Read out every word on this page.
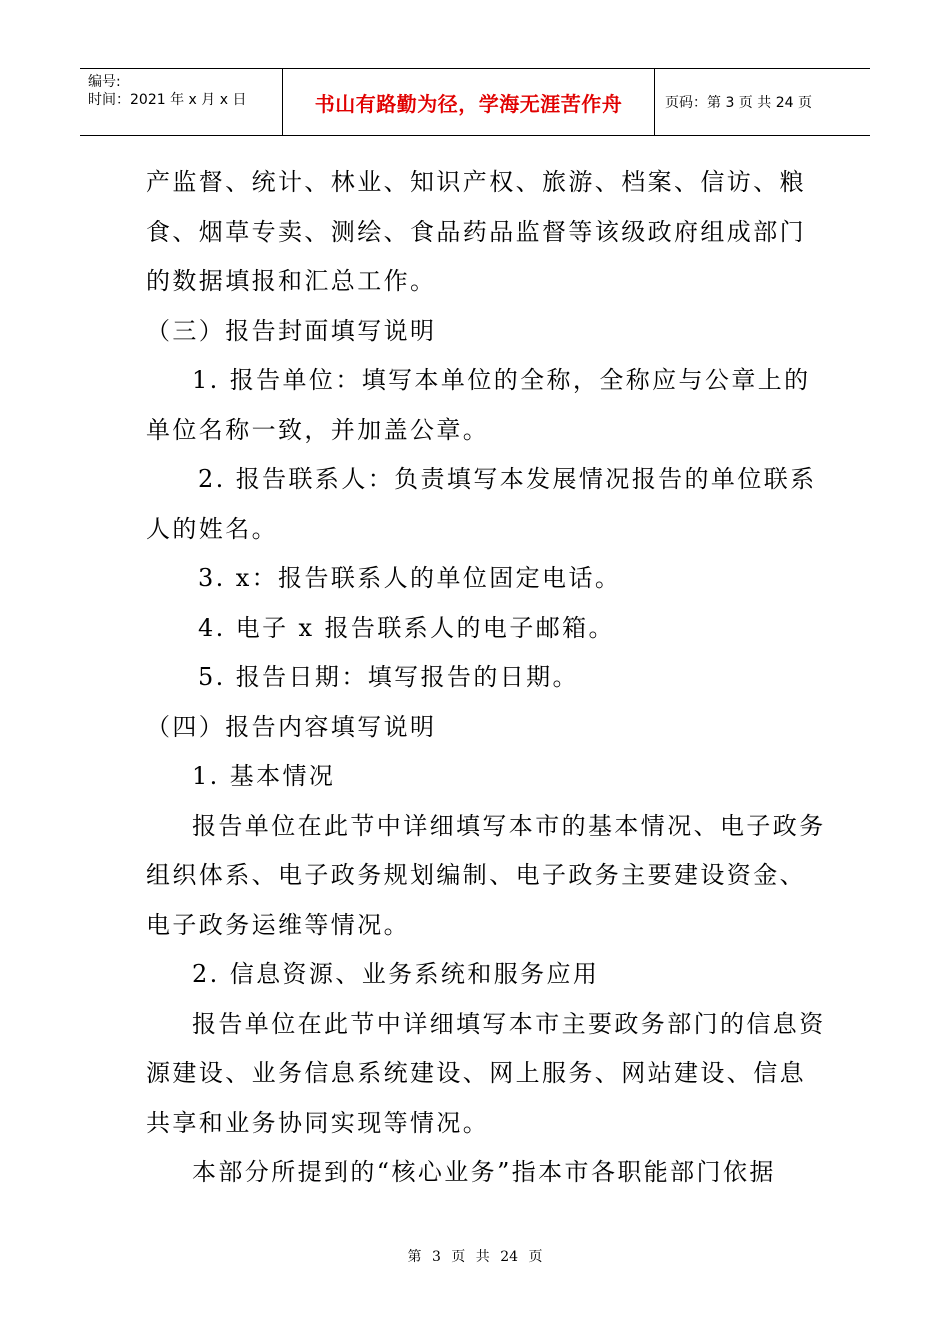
编号:
时间：2021 年 x 月 x 日	书山有路勤为径，学海无涯苦作舟	页码：第 3 页 共 24 页

产监督、统计、林业、知识产权、旅游、档案、信访、粮

食、烟草专卖、测绘、食品药品监督等该级政府组成部门

的数据填报和汇总工作。

（三）报告封面填写说明

1. 报告单位：填写本单位的全称，全称应与公章上的

单位名称一致，并加盖公章。

2. 报告联系人：负责填写本发展情况报告的单位联系

人的姓名。

3. x：报告联系人的单位固定电话。

4. 电子 x 报告联系人的电子邮箱。

5. 报告日期：填写报告的日期。

（四）报告内容填写说明

1. 基本情况

报告单位在此节中详细填写本市的基本情况、电子政务

组织体系、电子政务规划编制、电子政务主要建设资金、

电子政务运维等情况。

2. 信息资源、业务系统和服务应用

报告单位在此节中详细填写本市主要政务部门的信息资

源建设、业务信息系统建设、网上服务、网站建设、信息

共享和业务协同实现等情况。

本部分所提到的“核心业务”指本市各职能部门依据

第 3 页 共 24 页
